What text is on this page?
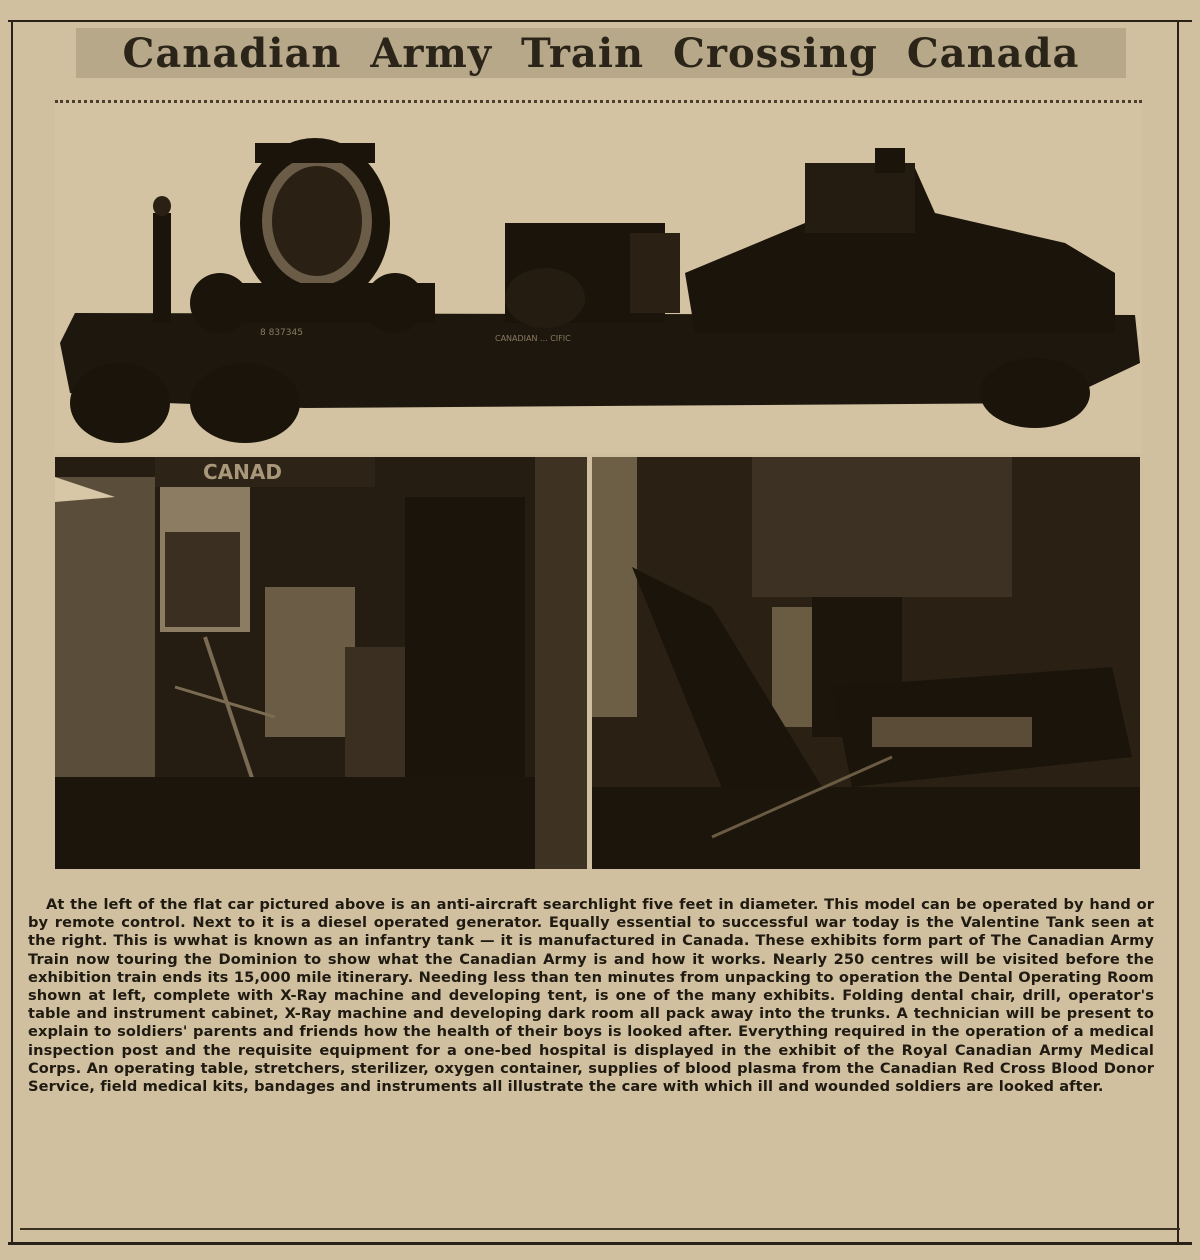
Canadian Army Train Crossing Canada
8 837345
CANADIAN ... CIFIC
CANAD
At the left of the flat car pictured above is an anti-aircraft searchlight five feet in diameter. This model can be operated by hand or by remote control. Next to it is a diesel operated generator. Equally essential to successful war today is the Valentine Tank seen at the right. This is wwhat is known as an infantry tank — it is manufactured in Canada. These exhibits form part of The Canadian Army Train now touring the Dominion to show what the Canadian Army is and how it works. Nearly 250 centres will be visited before the exhibition train ends its 15,000 mile itinerary. Needing less than ten minutes from unpacking to operation the Dental Operating Room shown at left, complete with X-Ray machine and developing tent, is one of the many exhibits. Folding dental chair, drill, operator's table and instrument cabinet, X-Ray machine and developing dark room all pack away into the trunks. A technician will be present to explain to soldiers' parents and friends how the health of their boys is looked after. Everything required in the operation of a medical inspection post and the requisite equipment for a one-bed hospital is displayed in the exhibit of the Royal Canadian Army Medical Corps. An operating table, stretchers, sterilizer, oxygen container, supplies of blood plasma from the Canadian Red Cross Blood Donor Service, field medical kits, bandages and instruments all illustrate the care with which ill and wounded soldiers are looked after.
